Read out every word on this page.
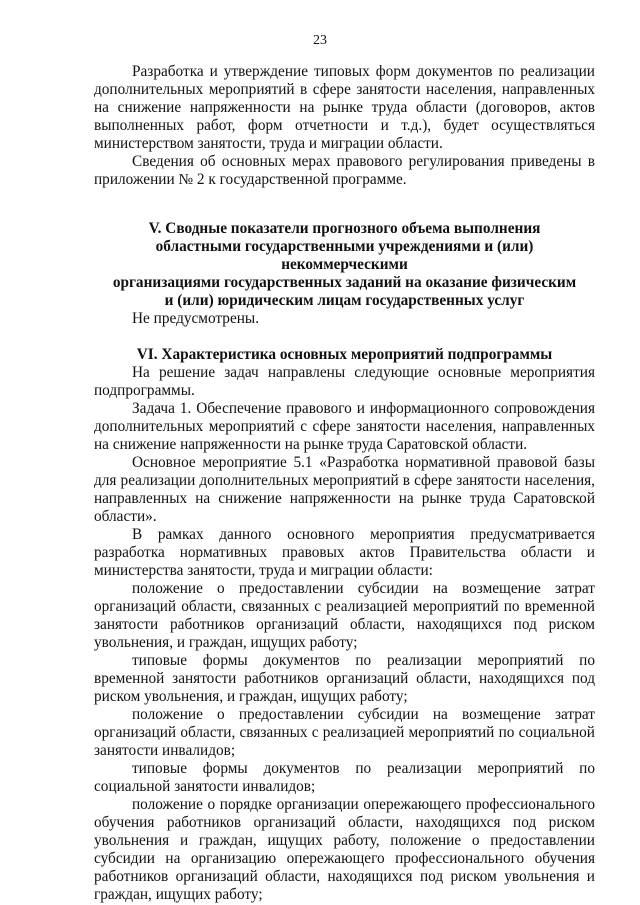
23

Разработка и утверждение типовых форм документов по реализации дополнительных мероприятий в сфере занятости населения, направленных на снижение напряженности на рынке труда области (договоров, актов выполненных работ, форм отчетности и т.д.), будет осуществляться министерством занятости, труда и миграции области.

Сведения об основных мерах правового регулирования приведены в приложении № 2 к государственной программе.

V. Сводные показатели прогнозного объема выполнения
областными государственными учреждениями и (или) некоммерческими
организациями государственных заданий на оказание физическим
и (или) юридическим лицам государственных услуг

Не предусмотрены.

VI. Характеристика основных мероприятий подпрограммы

На решение задач направлены следующие основные мероприятия подпрограммы.

Задача 1. Обеспечение правового и информационного сопровождения дополнительных мероприятий с сфере занятости населения, направленных на снижение напряженности на рынке труда Саратовской области.

Основное мероприятие 5.1 «Разработка нормативной правовой базы для реализации дополнительных мероприятий в сфере занятости населения, направленных на снижение напряженности на рынке труда Саратовской области».

В рамках данного основного мероприятия предусматривается разработка нормативных правовых актов Правительства области и министерства занятости, труда и миграции области:

положение о предоставлении субсидии на возмещение затрат организаций области, связанных с реализацией мероприятий по временной занятости работников организаций области, находящихся под риском увольнения, и граждан, ищущих работу;

типовые формы документов по реализации мероприятий по временной занятости работников организаций области, находящихся под риском увольнения, и граждан, ищущих работу;

положение о предоставлении субсидии на возмещение затрат организаций области, связанных с реализацией мероприятий по социальной занятости инвалидов;

типовые формы документов по реализации мероприятий по социальной занятости инвалидов;

положение о порядке организации опережающего профессионального обучения работников организаций области, находящихся под риском увольнения и граждан, ищущих работу, положение о предоставлении субсидии на организацию опережающего профессионального обучения работников организаций области, находящихся под риском увольнения и граждан, ищущих работу;
